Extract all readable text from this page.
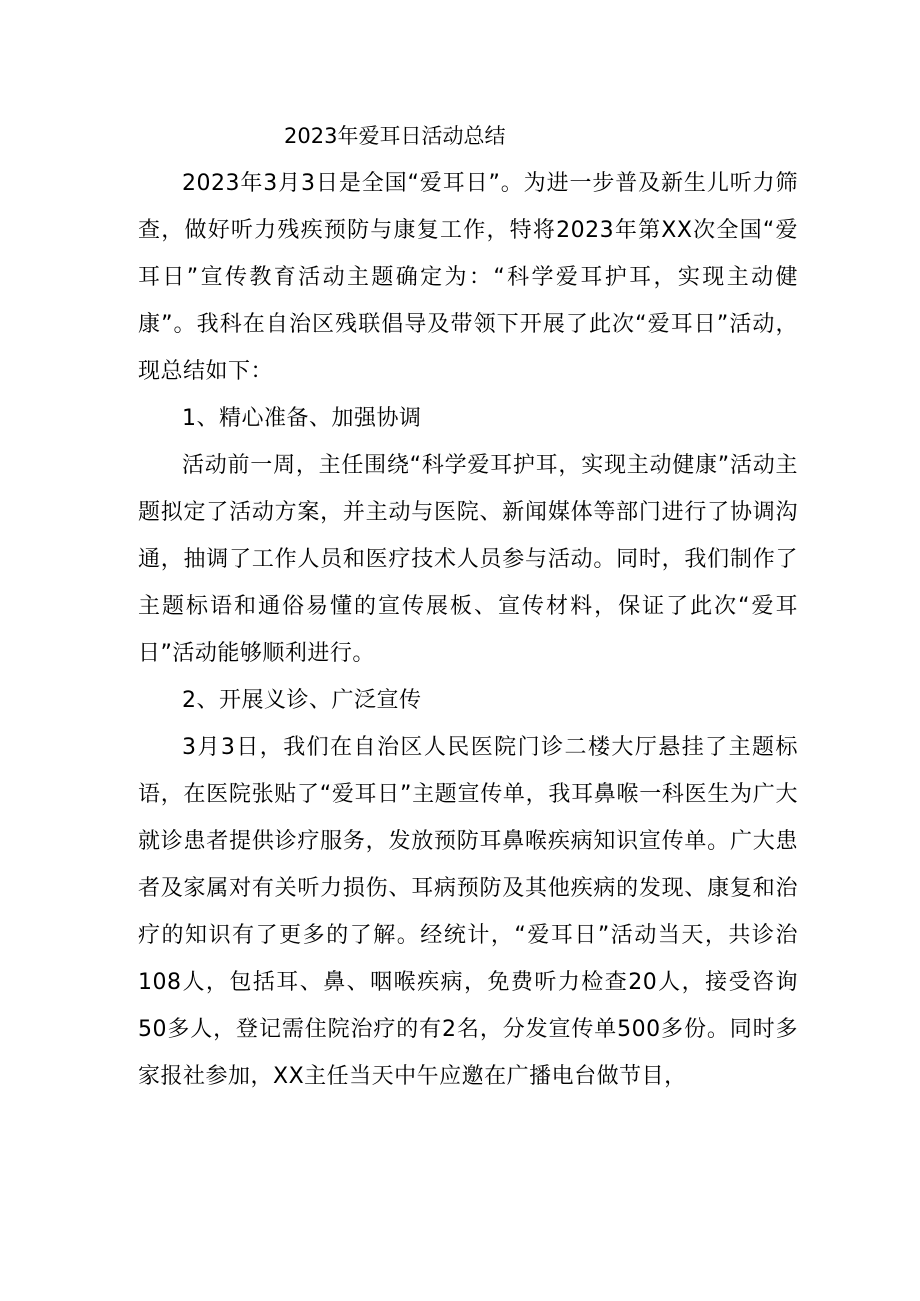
2023年爱耳日活动总结

2023年3月3日是全国“爱耳日”。为进一步普及新生儿听力筛查，做好听力残疾预防与康复工作，特将2023年第XX次全国“爱耳日”宣传教育活动主题确定为：“科学爱耳护耳，实现主动健康”。我科在自治区残联倡导及带领下开展了此次“爱耳日”活动，现总结如下：

1、精心准备、加强协调

活动前一周，主任围绕“科学爱耳护耳，实现主动健康”活动主题拟定了活动方案，并主动与医院、新闻媒体等部门进行了协调沟通，抽调了工作人员和医疗技术人员参与活动。同时，我们制作了主题标语和通俗易懂的宣传展板、宣传材料，保证了此次“爱耳日”活动能够顺利进行。

2、开展义诊、广泛宣传

3月3日，我们在自治区人民医院门诊二楼大厅悬挂了主题标语，在医院张贴了“爱耳日”主题宣传单，我耳鼻喉一科医生为广大就诊患者提供诊疗服务，发放预防耳鼻喉疾病知识宣传单。广大患者及家属对有关听力损伤、耳病预防及其他疾病的发现、康复和治疗的知识有了更多的了解。经统计，“爱耳日”活动当天，共诊治108人，包括耳、鼻、咽喉疾病，免费听力检查20人，接受咨询50多人，登记需住院治疗的有2名，分发宣传单500多份。同时多家报社参加，XX主任当天中午应邀在广播电台做节目，
